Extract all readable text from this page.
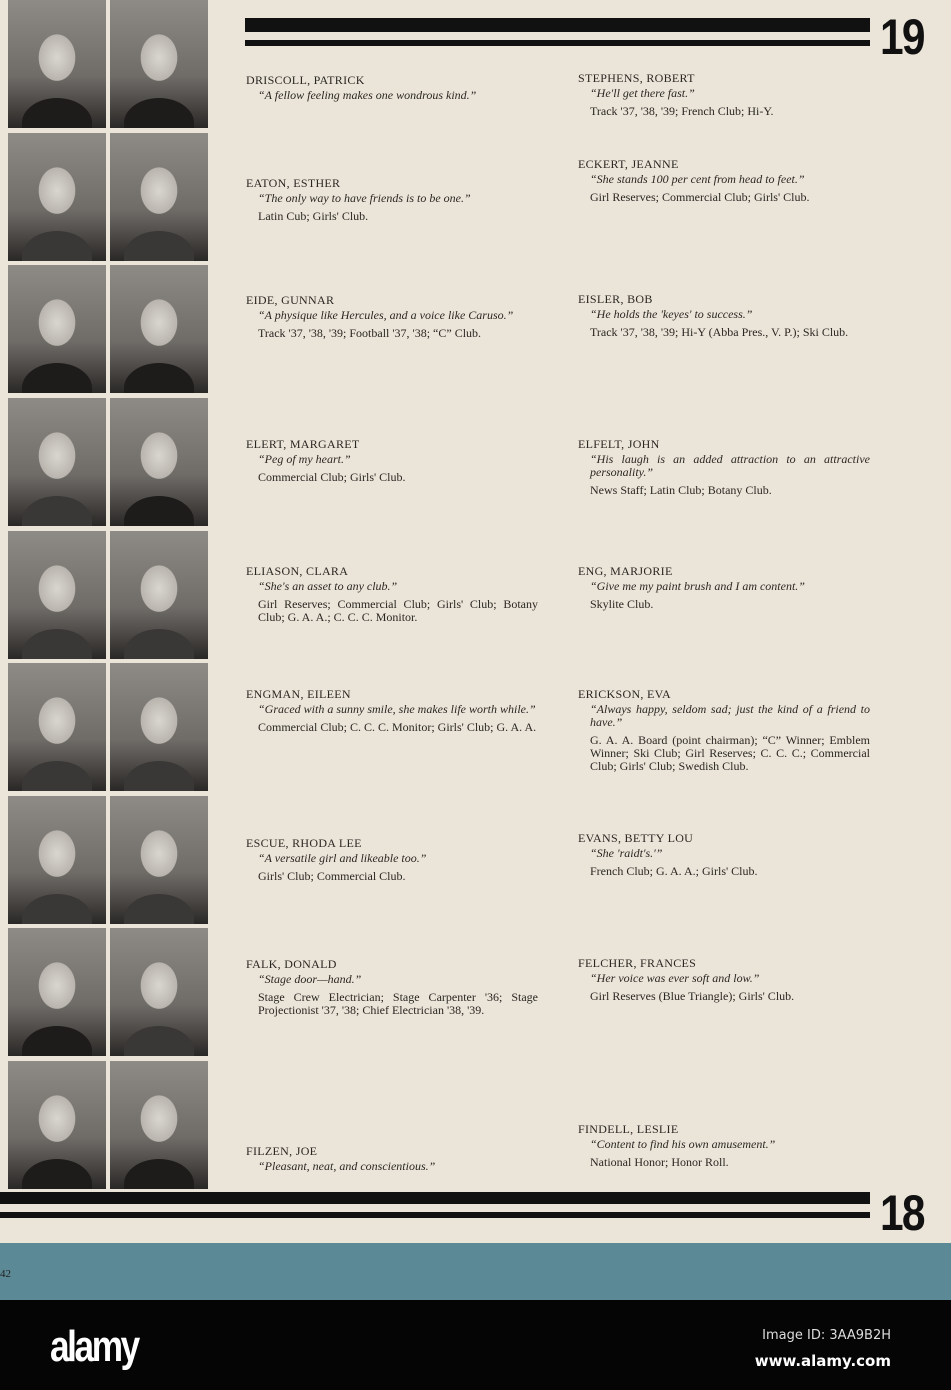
19
18
DRISCOLL, PATRICK
“A fellow feeling makes one wondrous kind.”
EATON, ESTHER
“The only way to have friends is to be one.”
Latin Cub; Girls' Club.
EIDE, GUNNAR
“A physique like Hercules, and a voice like Caruso.”
Track '37, '38, '39; Football '37, '38; “C” Club.
ELERT, MARGARET
“Peg of my heart.”
Commercial Club; Girls' Club.
ELIASON, CLARA
“She's an asset to any club.”
Girl Reserves; Commercial Club; Girls' Club; Botany Club; G. A. A.; C. C. C. Monitor.
ENGMAN, EILEEN
“Graced with a sunny smile, she makes life worth while.”
Commercial Club; C. C. C. Monitor; Girls' Club; G. A. A.
ESCUE, RHODA LEE
“A versatile girl and likeable too.”
Girls' Club; Commercial Club.
FALK, DONALD
“Stage door—hand.”
Stage Crew Electrician; Stage Carpenter '36; Stage Projectionist '37, '38; Chief Electrician '38, '39.
FILZEN, JOE
“Pleasant, neat, and conscientious.”
STEPHENS, ROBERT
“He'll get there fast.”
Track '37, '38, '39; French Club; Hi-Y.
ECKERT, JEANNE
“She stands 100 per cent from head to feet.”
Girl Reserves; Commercial Club; Girls' Club.
EISLER, BOB
“He holds the 'keyes' to success.”
Track '37, '38, '39; Hi-Y (Abba Pres., V. P.); Ski Club.
ELFELT, JOHN
“His laugh is an added attraction to an attractive personality.”
News Staff; Latin Club; Botany Club.
ENG, MARJORIE
“Give me my paint brush and I am content.”
Skylite Club.
ERICKSON, EVA
“Always happy, seldom sad; just the kind of a friend to have.”
G. A. A. Board (point chairman); “C” Winner; Emblem Winner; Ski Club; Girl Reserves; C. C. C.; Commercial Club; Girls' Club; Swedish Club.
EVANS, BETTY LOU
“She 'raidt's.'”
French Club; G. A. A.; Girls' Club.
FELCHER, FRANCES
“Her voice was ever soft and low.”
Girl Reserves (Blue Triangle); Girls' Club.
FINDELL, LESLIE
“Content to find his own amusement.”
National Honor; Honor Roll.
42
alamy	Image ID: 3AA9B2H
www.alamy.com
